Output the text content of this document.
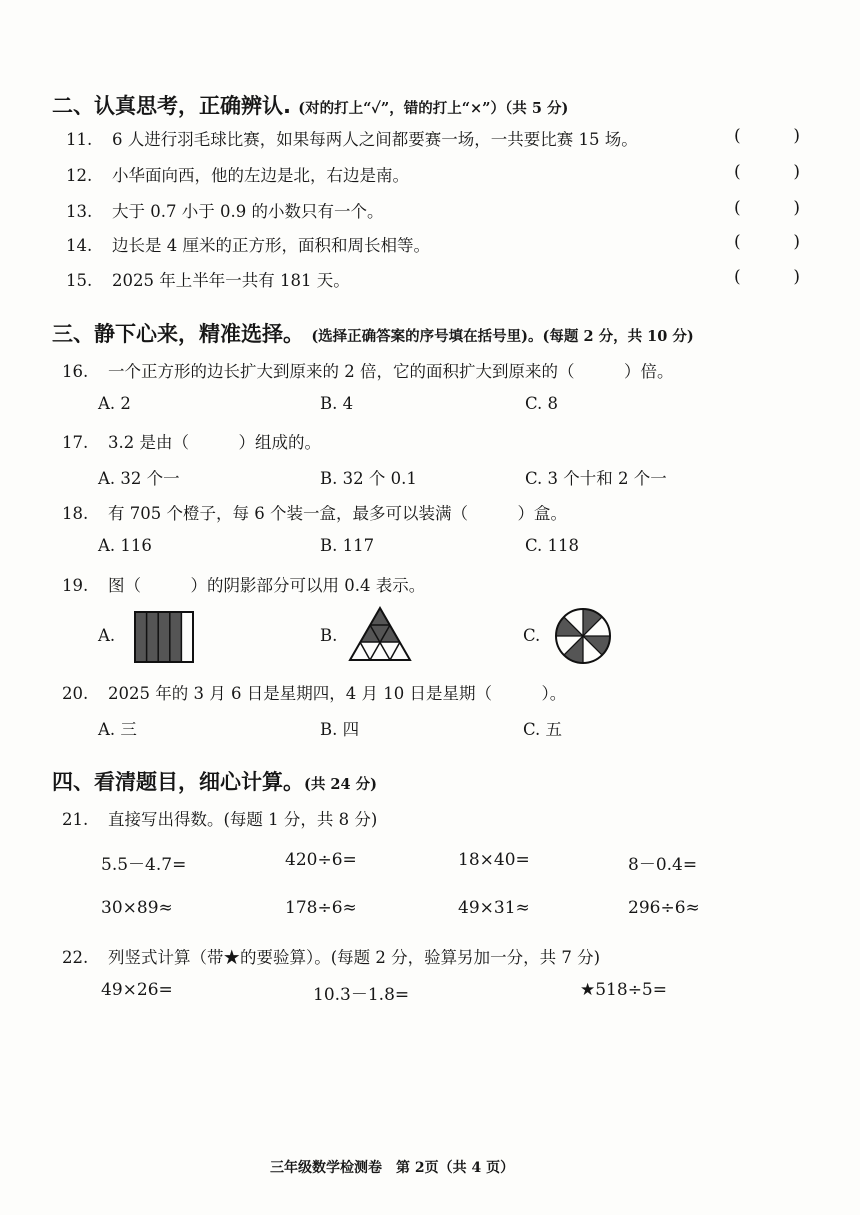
二、认真思考，正确辨认. (对的打上“✓”，错的打上“×”）（共 5 分)
11. 6 人进行羽毛球比赛，如果每两人之间都要赛一场，一共要比赛 15 场。	(	)
12. 小华面向西，他的左边是北，右边是南。	(	)
13. 大于 0.7 小于 0.9 的小数只有一个。	(	)
14. 边长是 4 厘米的正方形，面积和周长相等。	(	)
15. 2025 年上半年一共有 181 天。	(	)
三、静下心来，精准选择。 (选择正确答案的序号填在括号里)。(每题 2 分，共 10 分)
16. 一个正方形的边长扩大到原来的 2 倍，它的面积扩大到原来的（　　　）倍。
A. 2	B. 4	C. 8
17. 3.2 是由（　　　）组成的。
A. 32 个一	B. 32 个 0.1	C. 3 个十和 2 个一
18. 有 705 个橙子，每 6 个装一盒，最多可以装满（　　　）盒。
A. 116	B. 117	C. 118
19. 图（　　　）的阴影部分可以用 0.4 表示。
A.	B.	C.
20. 2025 年的 3 月 6 日是星期四，4 月 10 日是星期（　　　）。
A. 三	B. 四	C. 五
四、看清题目，细心计算。(共 24 分)
21. 直接写出得数。(每题 1 分，共 8 分)
5.5－4.7=	420÷6=	18×40=	8－0.4=
30×89≈	178÷6≈	49×31≈	296÷6≈
22. 列竖式计算（带★的要验算）。(每题 2 分，验算另加一分，共 7 分)
49×26=	10.3－1.8=	★518÷5=
三年级数学检测卷　第 2页（共 4 页）
